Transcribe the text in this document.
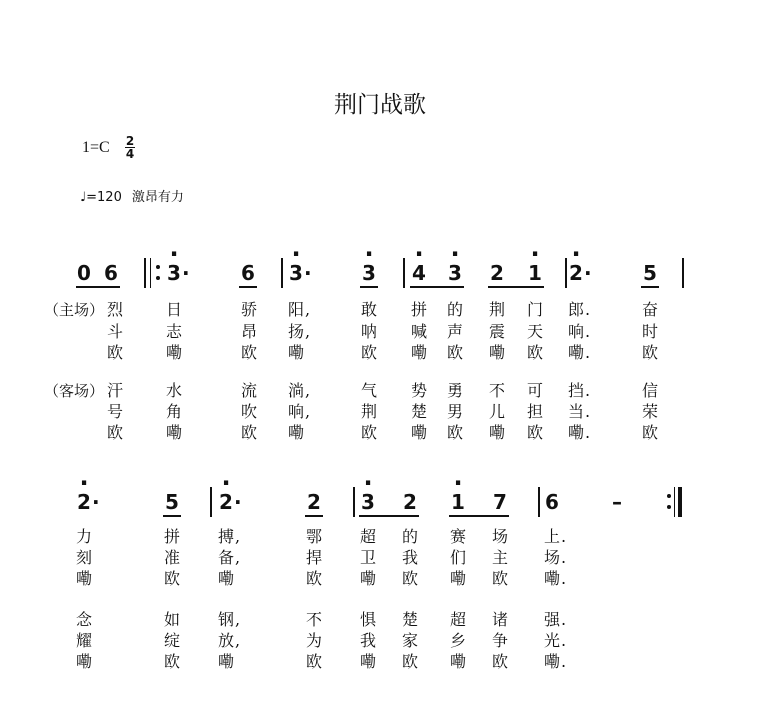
荆门战歌
1=C 2
4
♩=120 激昂有力
0 6 3 · ·	6 3 · ·	3 · 4 · 3 · 2 1 · 2 · ·	5
（主场） 烈	日	骄 阳 ,	敢 拼 的 荆 门 郎 .	奋
斗	志	昂 扬 ,	呐 喊 声 震 天 响 .	时
欧	嘞	欧 嘞	欧 嘞 欧 嘞 欧 嘞 .	欧
（客场） 汗	水	流 淌 ,	气 势 勇 不 可 挡 .	信
号	角	吹 响 ,	荆 楚 男 儿 担 当 .	荣
欧	嘞	欧 嘞	欧 嘞 欧 嘞 欧 嘞 .	欧
2 · ·	5 2 · ·	2 3 · 2 1 · 7 6	–
力	拼 搏 ,	鄂 超 的 赛 场 上 .
刻	准 备 ,	捍 卫 我 们 主 场 .
嘞	欧 嘞	欧 嘞 欧 嘞 欧 嘞 .
念	如 钢 ,	不 惧 楚 超 诸 强 .
耀	绽 放 ,	为 我 家 乡 争 光 .
嘞	欧 嘞	欧 嘞 欧 嘞 欧 嘞 .
